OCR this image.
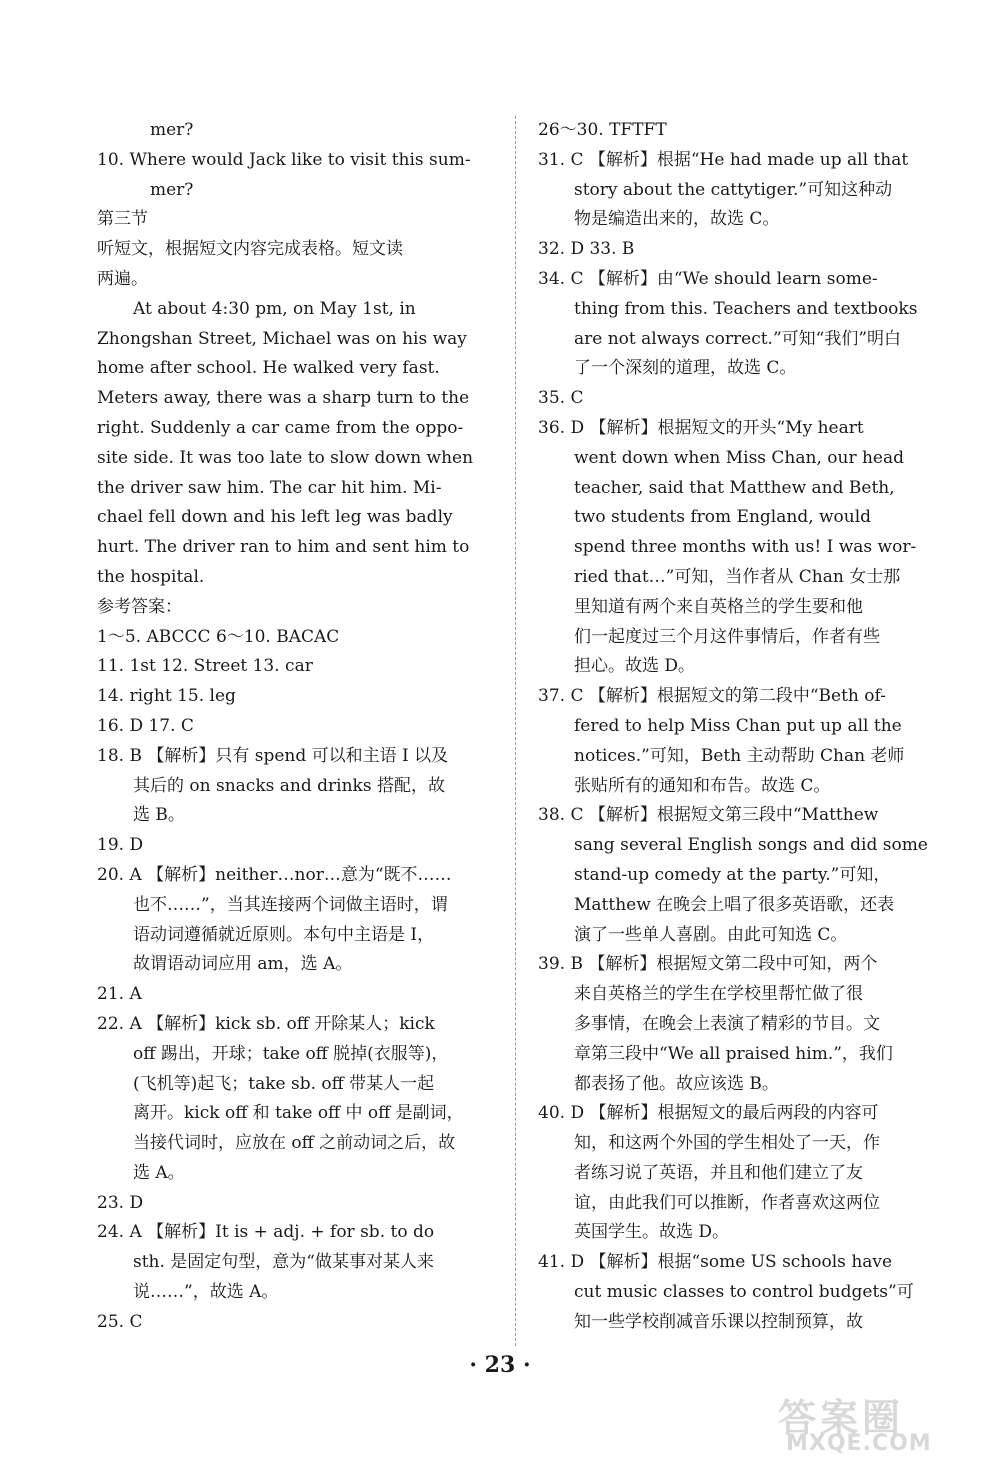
mer?
10. Where would Jack like to visit this sum-
mer?
第三节
听短文，根据短文内容完成表格。短文读
两遍。
At about 4:30 pm, on May 1st, in
Zhongshan Street, Michael was on his way
home after school. He walked very fast.
Meters away, there was a sharp turn to the
right. Suddenly a car came from the oppo-
site side. It was too late to slow down when
the driver saw him. The car hit him. Mi-
chael fell down and his left leg was badly
hurt. The driver ran to him and sent him to
the hospital.
参考答案：
1～5. ABCCC 6～10. BACAC
11. 1st 12. Street 13. car
14. right 15. leg
16. D 17. C
18. B 【解析】只有 spend 可以和主语 I 以及
其后的 on snacks and drinks 搭配，故
选 B。
19. D
20. A 【解析】neither…nor…意为“既不……
也不……”，当其连接两个词做主语时，谓
语动词遵循就近原则。本句中主语是 I，
故谓语动词应用 am，选 A。
21. A
22. A 【解析】kick sb. off 开除某人；kick
off 踢出，开球；take off 脱掉(衣服等)，
(飞机等)起飞；take sb. off 带某人一起
离开。kick off 和 take off 中 off 是副词，
当接代词时，应放在 off 之前动词之后，故
选 A。
23. D
24. A 【解析】It is + adj. + for sb. to do
sth. 是固定句型，意为“做某事对某人来
说……”，故选 A。
25. C
26～30. TFTFT
31. C 【解析】根据“He had made up all that
story about the cattytiger.”可知这种动
物是编造出来的，故选 C。
32. D 33. B
34. C 【解析】由“We should learn some-
thing from this. Teachers and textbooks
are not always correct.”可知“我们”明白
了一个深刻的道理，故选 C。
35. C
36. D 【解析】根据短文的开头“My heart
went down when Miss Chan, our head
teacher, said that Matthew and Beth,
two students from England, would
spend three months with us! I was wor-
ried that…”可知，当作者从 Chan 女士那
里知道有两个来自英格兰的学生要和他
们一起度过三个月这件事情后，作者有些
担心。故选 D。
37. C 【解析】根据短文的第二段中“Beth of-
fered to help Miss Chan put up all the
notices.”可知，Beth 主动帮助 Chan 老师
张贴所有的通知和布告。故选 C。
38. C 【解析】根据短文第三段中“Matthew
sang several English songs and did some
stand-up comedy at the party.”可知，
Matthew 在晚会上唱了很多英语歌，还表
演了一些单人喜剧。由此可知选 C。
39. B 【解析】根据短文第二段中可知，两个
来自英格兰的学生在学校里帮忙做了很
多事情，在晚会上表演了精彩的节目。文
章第三段中“We all praised him.”，我们
都表扬了他。故应该选 B。
40. D 【解析】根据短文的最后两段的内容可
知，和这两个外国的学生相处了一天，作
者练习说了英语，并且和他们建立了友
谊，由此我们可以推断，作者喜欢这两位
英国学生。故选 D。
41. D 【解析】根据“some US schools have
cut music classes to control budgets”可
知一些学校削减音乐课以控制预算，故
· 23 ·
答案圈
MXQE.COM
